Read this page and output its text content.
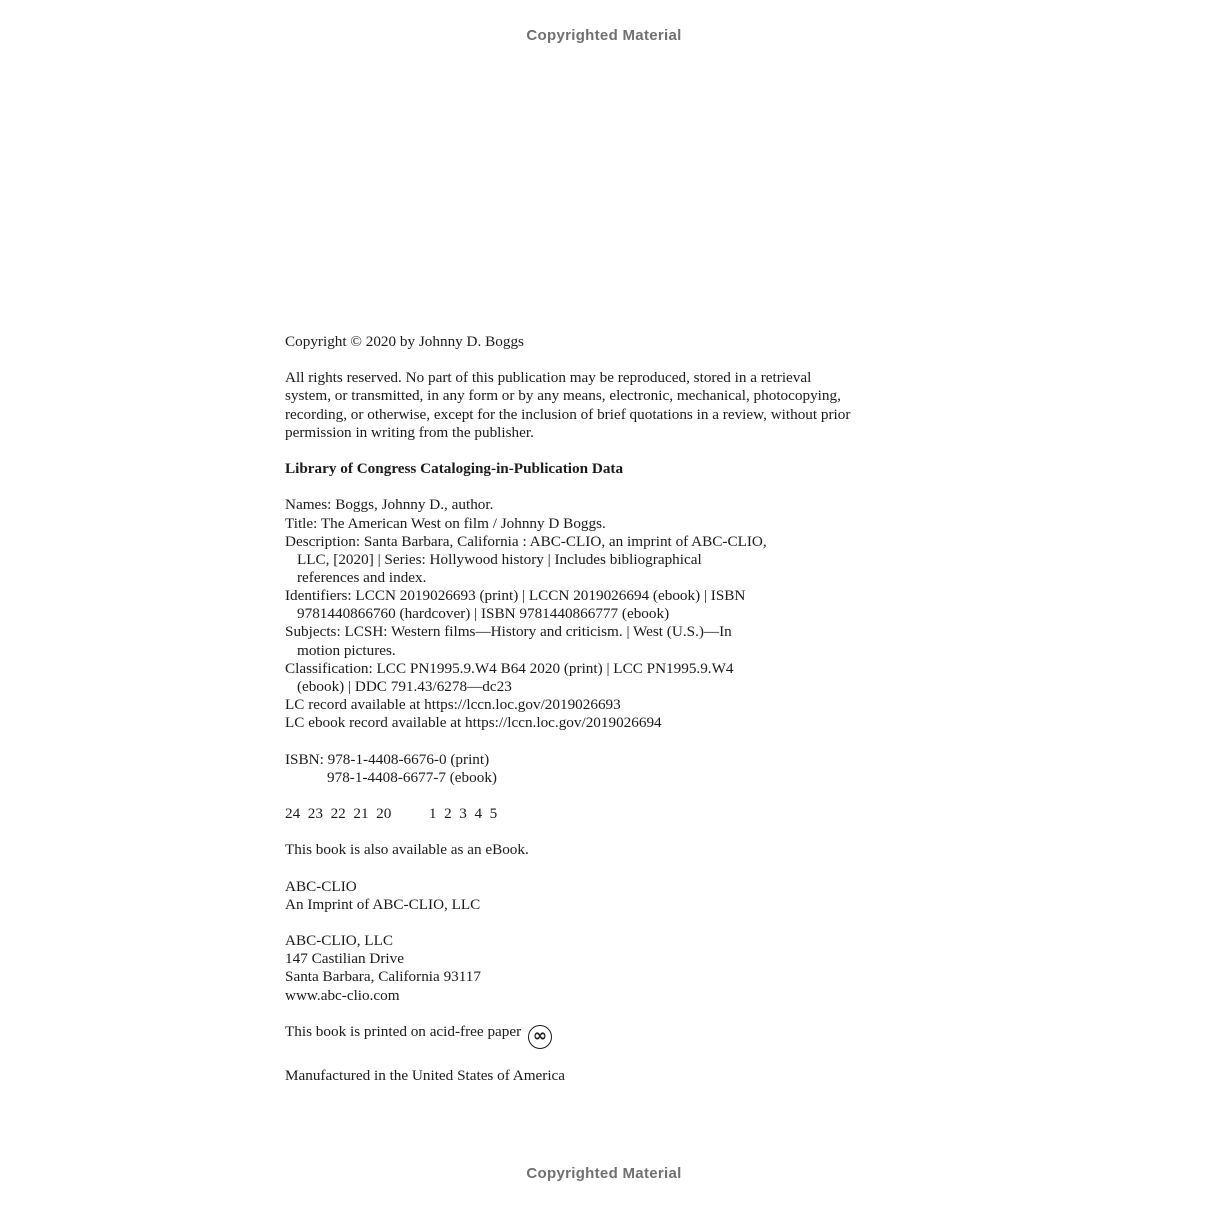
Copyrighted Material
Copyright © 2020 by Johnny D. Boggs
All rights reserved. No part of this publication may be reproduced, stored in a retrieval
system, or transmitted, in any form or by any means, electronic, mechanical, photocopying,
recording, or otherwise, except for the inclusion of brief quotations in a review, without prior
permission in writing from the publisher.
Library of Congress Cataloging-in-Publication Data
Names: Boggs, Johnny D., author.
Title: The American West on film / Johnny D Boggs.
Description: Santa Barbara, California : ABC-CLIO, an imprint of ABC-CLIO,
LLC, [2020] | Series: Hollywood history | Includes bibliographical
references and index.
Identifiers: LCCN 2019026693 (print) | LCCN 2019026694 (ebook) | ISBN
9781440866760 (hardcover) | ISBN 9781440866777 (ebook)
Subjects: LCSH: Western films—History and criticism. | West (U.S.)—In
motion pictures.
Classification: LCC PN1995.9.W4 B64 2020 (print) | LCC PN1995.9.W4
(ebook) | DDC 791.43/6278—dc23
LC record available at https://lccn.loc.gov/2019026693
LC ebook record available at https://lccn.loc.gov/2019026694
ISBN: 978-1-4408-6676-0 (print)
978-1-4408-6677-7 (ebook)
24 23 22 21 20 1 2 3 4 5
This book is also available as an eBook.
ABC-CLIO
An Imprint of ABC-CLIO, LLC
ABC-CLIO, LLC
147 Castilian Drive
Santa Barbara, California 93117
www.abc-clio.com
This book is printed on acid-free paper ∞
Manufactured in the United States of America
Copyrighted Material
